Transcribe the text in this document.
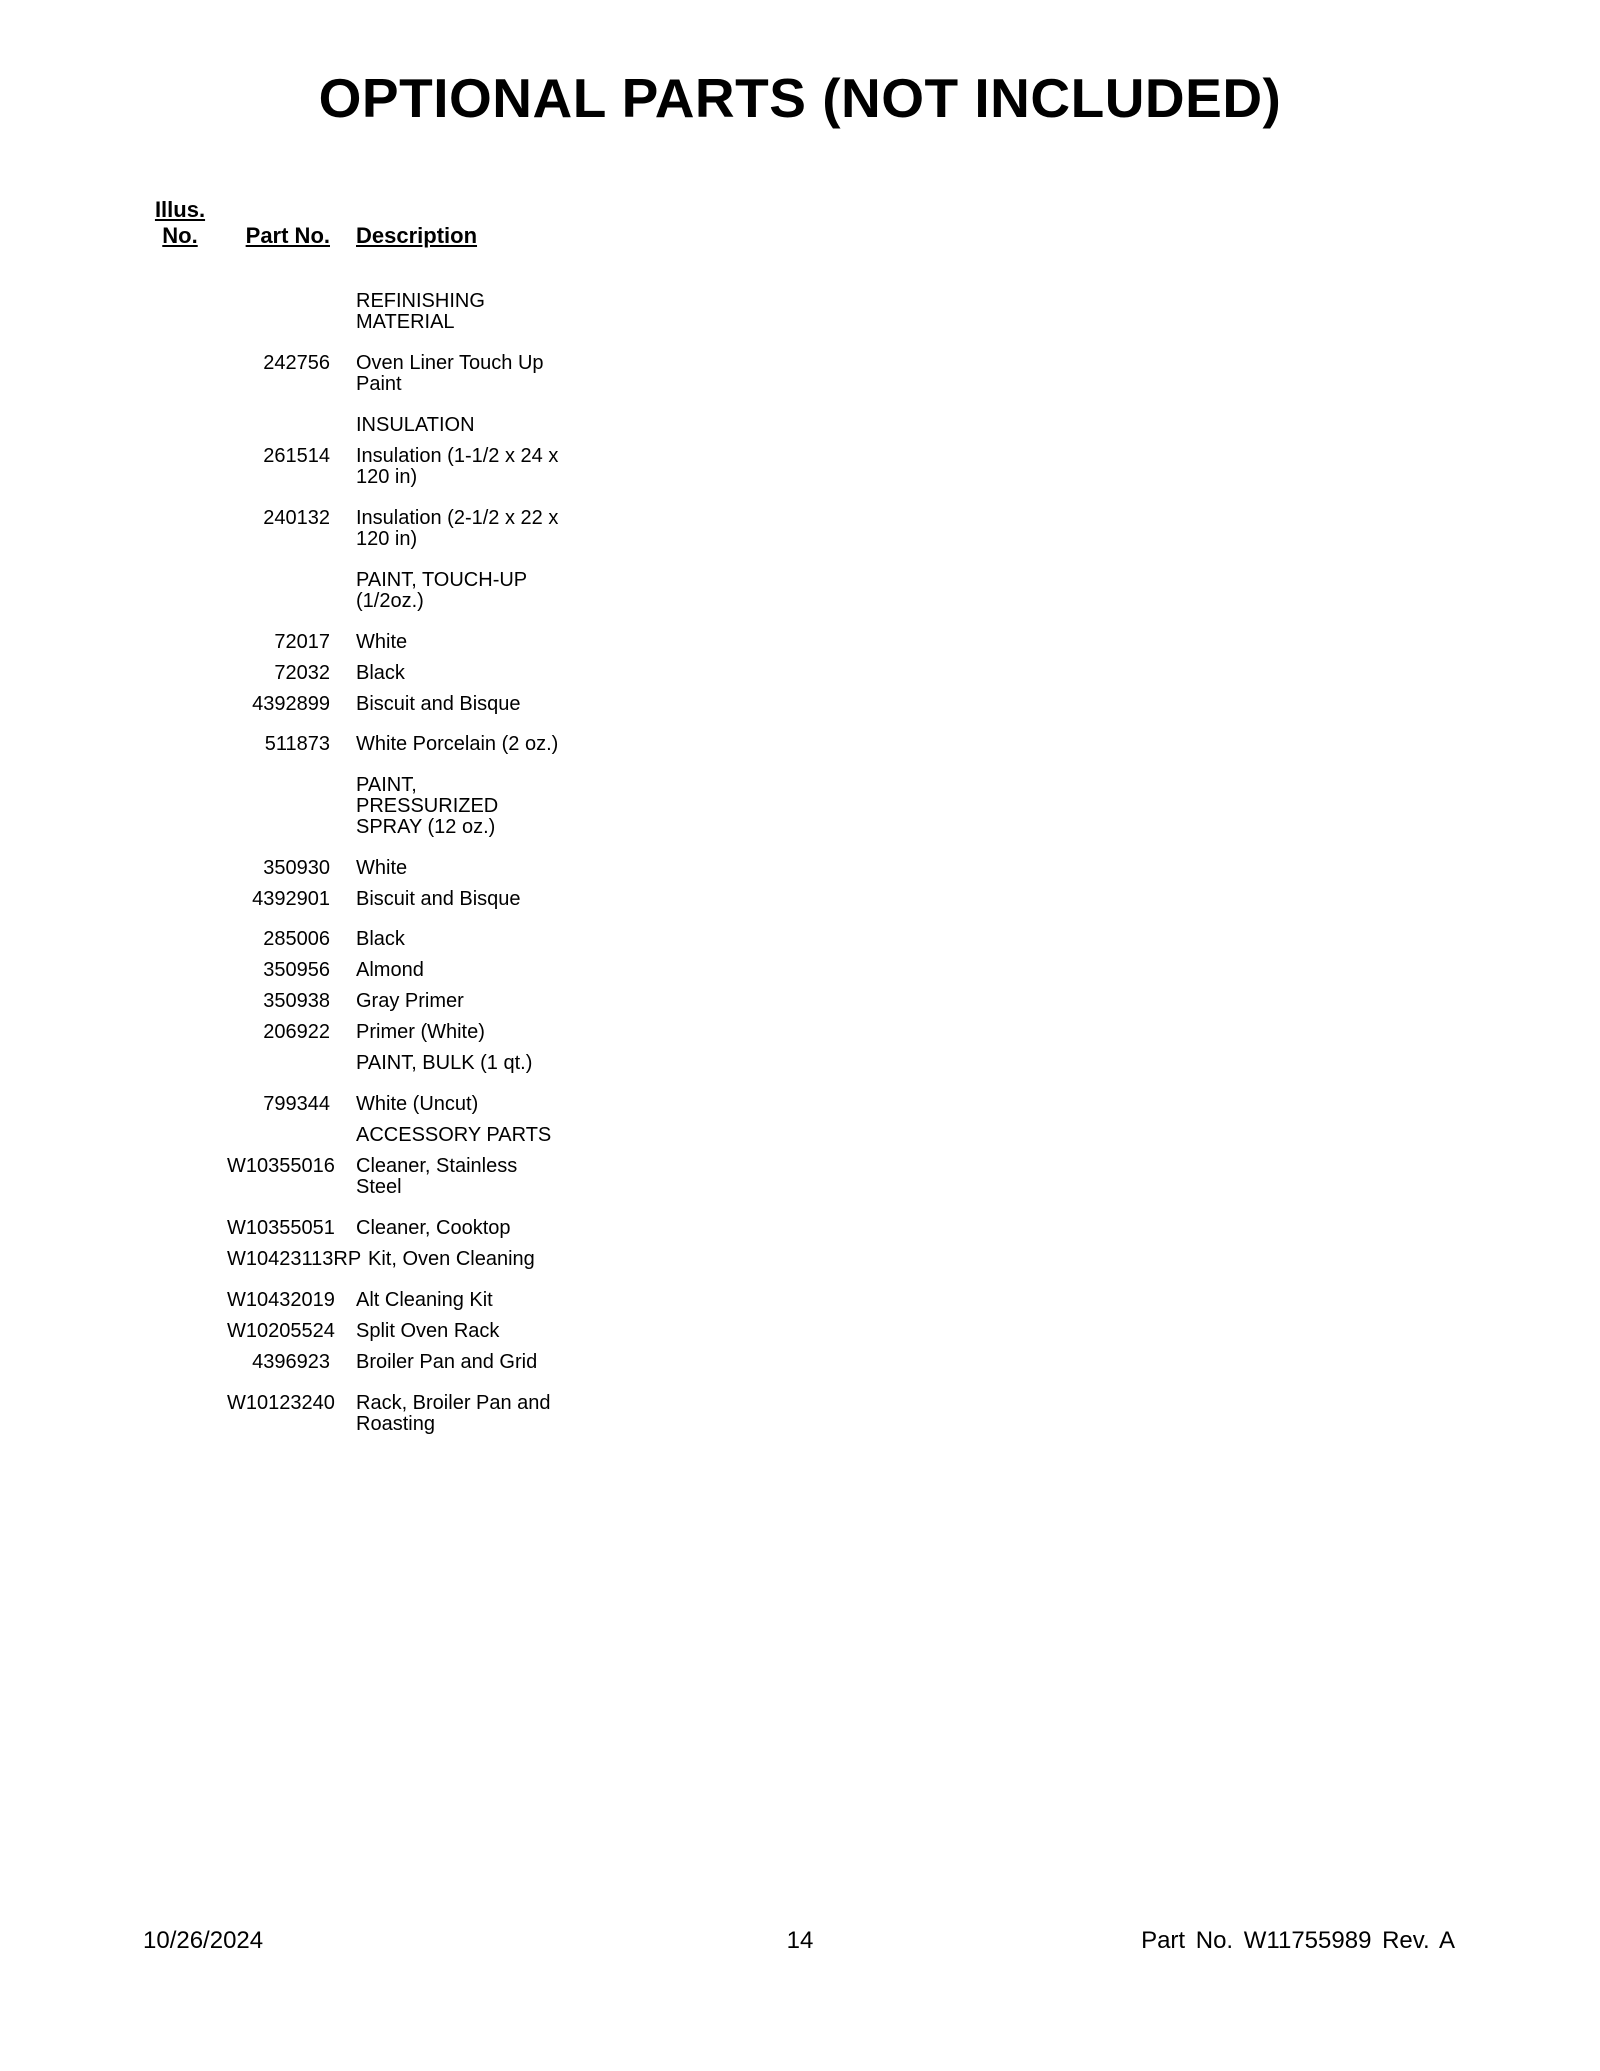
OPTIONAL PARTS (NOT INCLUDED)
Illus.
No.	Part No. Description
REFINISHING MATERIAL
242756 Oven Liner Touch Up Paint
INSULATION
261514 Insulation (1-1/2 x 24 x 120 in)
240132 Insulation (2-1/2 x 22 x 120 in)
PAINT, TOUCH-UP (1/2oz.)
72017 White
72032 Black
4392899 Biscuit and Bisque
511873 White Porcelain (2 oz.)
PAINT, PRESSURIZED SPRAY (12 oz.)
350930 White
4392901 Biscuit and Bisque
285006 Black
350956 Almond
350938 Gray Primer
206922 Primer (White)
PAINT, BULK (1 qt.)
799344 White (Uncut)
ACCESSORY PARTS
W10355016 Cleaner, Stainless Steel
W10355051 Cleaner, Cooktop
W10423113RP Kit, Oven Cleaning
W10432019 Alt Cleaning Kit
W10205524 Split Oven Rack
4396923 Broiler Pan and Grid
W10123240 Rack, Broiler Pan and Roasting
10/26/2024	14	Part No. W11755989 Rev. A
